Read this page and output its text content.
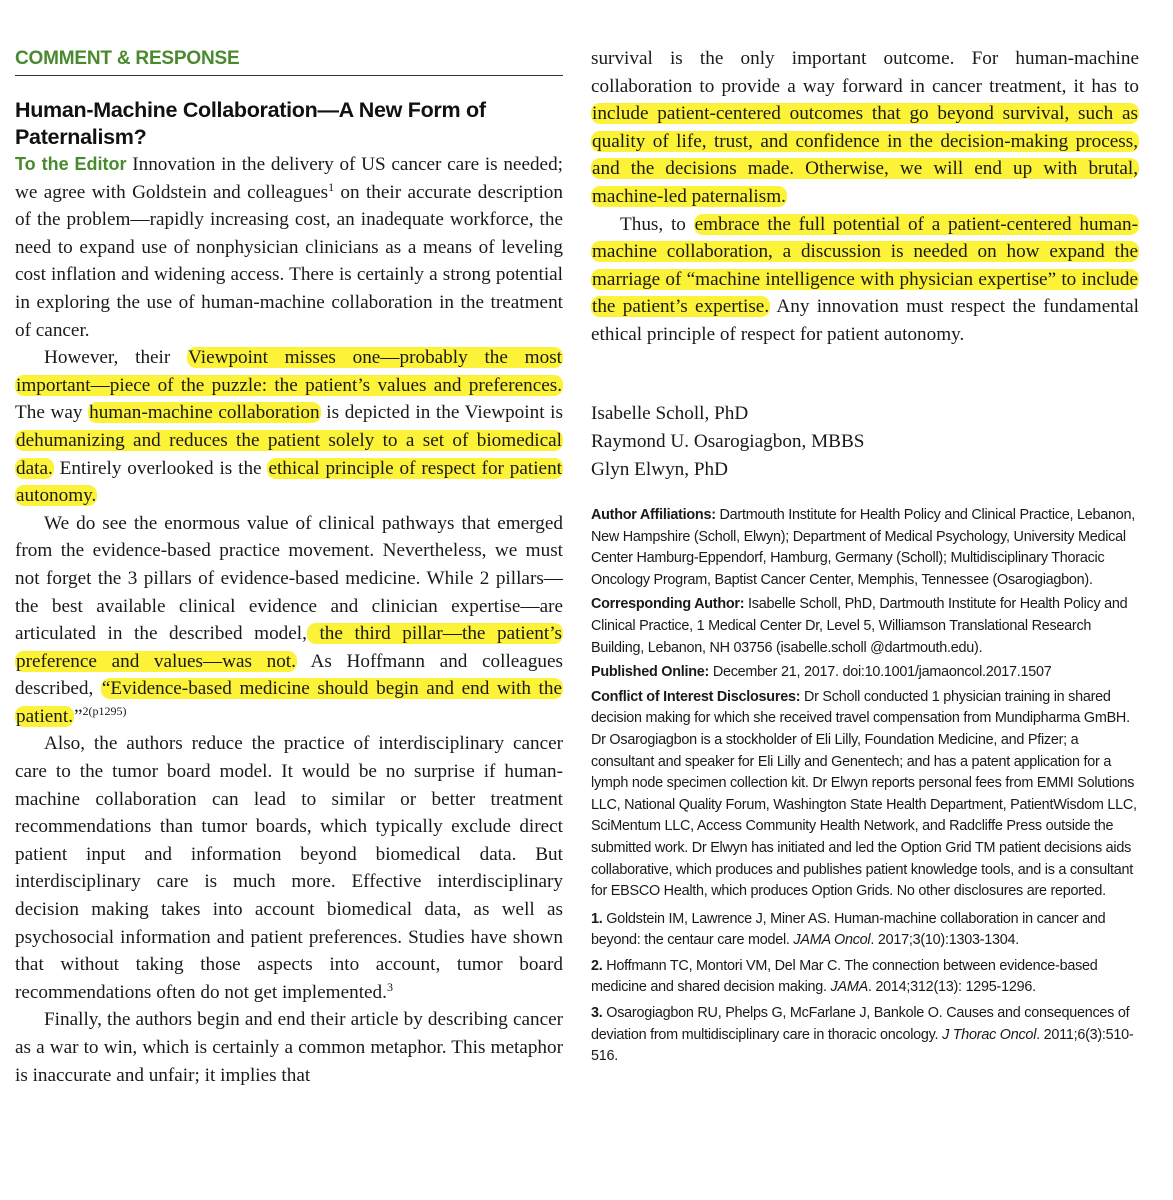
COMMENT & RESPONSE
Human-Machine Collaboration—A New Form of Paternalism?

To the Editor Innovation in the delivery of US cancer care is needed; we agree with Goldstein and colleagues$^1$ on their accurate description of the problem—rapidly increasing cost, an inadequate workforce, the need to expand use of nonphysician clinicians as a means of leveling cost inflation and widening access. There is certainly a strong potential in exploring the use of human-machine collaboration in the treatment of cancer.

However, their Viewpoint misses one—probably the most important—piece of the puzzle: the patient’s values and preferences. The way human-machine collaboration is depicted in the Viewpoint is dehumanizing and reduces the patient solely to a set of biomedical data. Entirely overlooked is the ethical principle of respect for patient autonomy.

We do see the enormous value of clinical pathways that emerged from the evidence-based practice movement. Nevertheless, we must not forget the 3 pillars of evidence-based medicine. While 2 pillars—the best available clinical evidence and clinician expertise—are articulated in the described model, the third pillar—the patient’s preference and values—was not. As Hoffmann and colleagues described, “Evidence-based medicine should begin and end with the patient.”$^{2(p1295)}$

Also, the authors reduce the practice of interdisciplinary cancer care to the tumor board model. It would be no surprise if human-machine collaboration can lead to similar or better treatment recommendations than tumor boards, which typically exclude direct patient input and information beyond biomedical data. But interdisciplinary care is much more. Effective interdisciplinary decision making takes into account biomedical data, as well as psychosocial information and patient preferences. Studies have shown that without taking those aspects into account, tumor board recommendations often do not get implemented.$^3$

Finally, the authors begin and end their article by describing cancer as a war to win, which is certainly a common metaphor. This metaphor is inaccurate and unfair; it implies that

survival is the only important outcome. For human-machine collaboration to provide a way forward in cancer treatment, it has to include patient-centered outcomes that go beyond survival, such as quality of life, trust, and confidence in the decision-making process, and the decisions made. Otherwise, we will end up with brutal, machine-led paternalism.

Thus, to embrace the full potential of a patient-centered human-machine collaboration, a discussion is needed on how expand the marriage of “machine intelligence with physician expertise” to include the patient’s expertise. Any innovation must respect the fundamental ethical principle of respect for patient autonomy.

Isabelle Scholl, PhD
Raymond U. Osarogiagbon, MBBS
Glyn Elwyn, PhD

Author Affiliations: Dartmouth Institute for Health Policy and Clinical Practice, Lebanon, New Hampshire (Scholl, Elwyn); Department of Medical Psychology, University Medical Center Hamburg-Eppendorf, Hamburg, Germany (Scholl); Multidisciplinary Thoracic Oncology Program, Baptist Cancer Center, Memphis, Tennessee (Osarogiagbon).

Corresponding Author: Isabelle Scholl, PhD, Dartmouth Institute for Health Policy and Clinical Practice, 1 Medical Center Dr, Level 5, Williamson Translational Research Building, Lebanon, NH 03756 (isabelle.scholl @dartmouth.edu).

Published Online: December 21, 2017. doi:10.1001/jamaoncol.2017.1507

Conflict of Interest Disclosures: Dr Scholl conducted 1 physician training in shared decision making for which she received travel compensation from Mundipharma GmBH. Dr Osarogiagbon is a stockholder of Eli Lilly, Foundation Medicine, and Pfizer; a consultant and speaker for Eli Lilly and Genentech; and has a patent application for a lymph node specimen collection kit. Dr Elwyn reports personal fees from EMMI Solutions LLC, National Quality Forum, Washington State Health Department, PatientWisdom LLC, SciMentum LLC, Access Community Health Network, and Radcliffe Press outside the submitted work. Dr Elwyn has initiated and led the Option Grid TM patient decisions aids collaborative, which produces and publishes patient knowledge tools, and is a consultant for EBSCO Health, which produces Option Grids. No other disclosures are reported.

1. Goldstein IM, Lawrence J, Miner AS. Human-machine collaboration in cancer and beyond: the centaur care model. JAMA Oncol. 2017;3(10):1303-1304.

2. Hoffmann TC, Montori VM, Del Mar C. The connection between evidence-based medicine and shared decision making. JAMA. 2014;312(13): 1295-1296.

3. Osarogiagbon RU, Phelps G, McFarlane J, Bankole O. Causes and consequences of deviation from multidisciplinary care in thoracic oncology. J Thorac Oncol. 2011;6(3):510-516.
